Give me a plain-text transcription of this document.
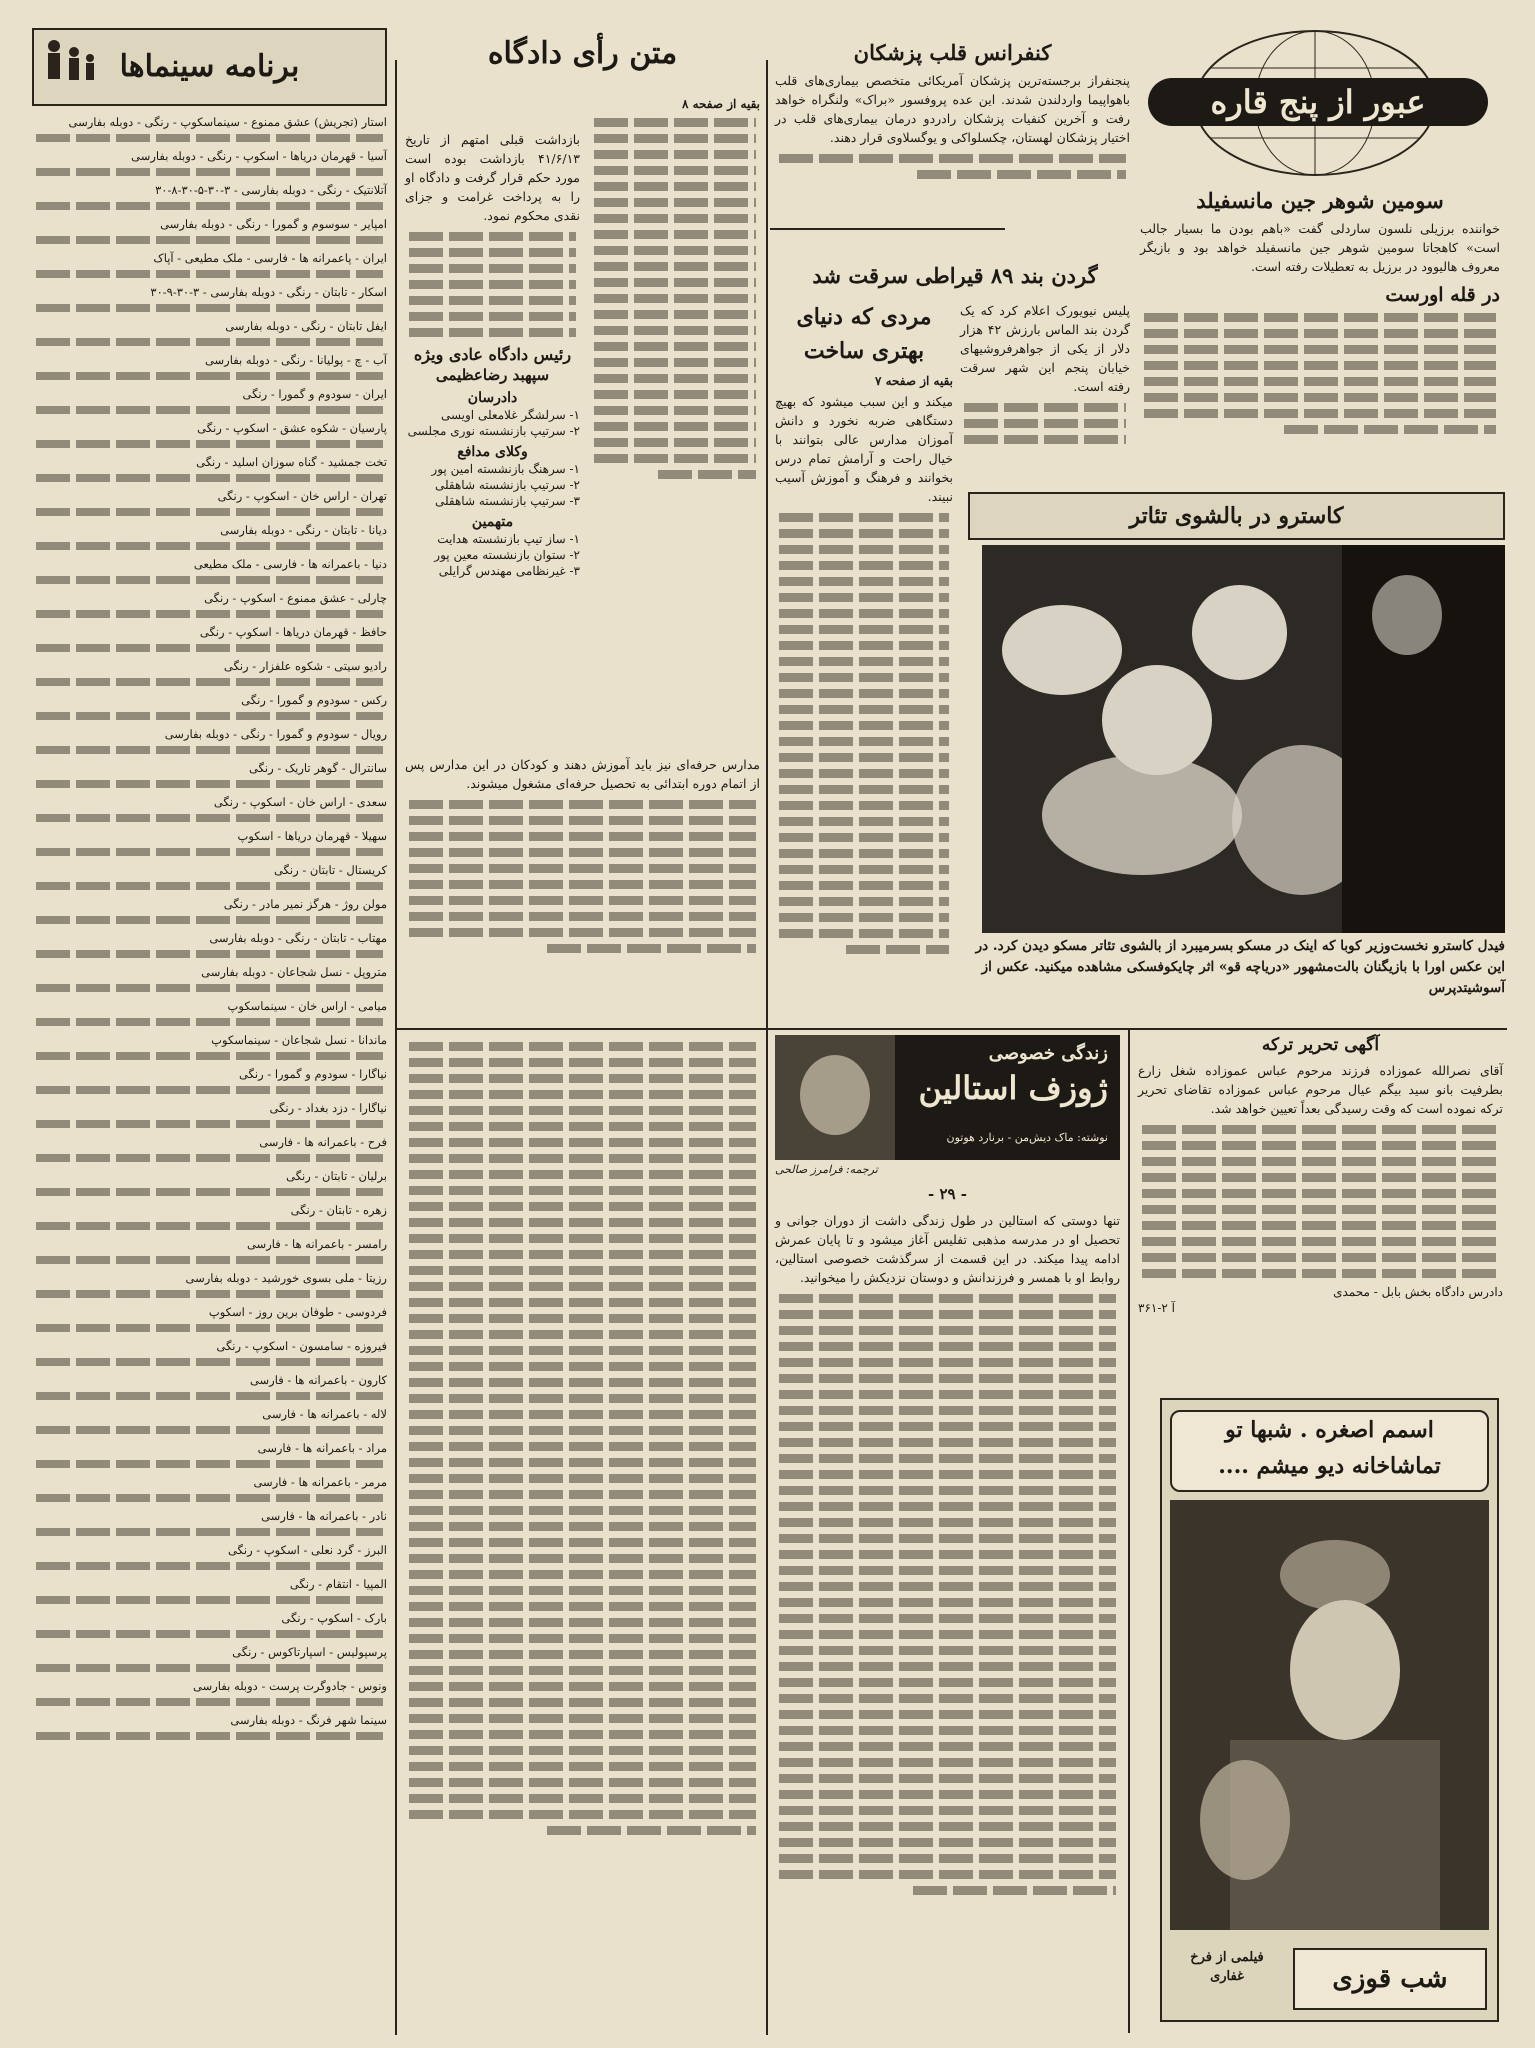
عبور از پنج قاره

سومین شوهر جین مانسفیلد

خواننده برزیلی نلسون ساردلی گفت «باهم بودن ما بسیار جالب است» کاهجاتا سومین شوهر جین مانسفیلد خواهد بود و بازیگر معروف هالیوود در برزیل به تعطیلات رفته است.

در قله اورست

کنفرانس قلب پزشکان

پنجنفراز برجسته‌ترین پزشکان آمریکائی متخصص بیماری‌های قلب باهواپیما واردلندن شدند. این عده پروفسور «براک» ولنگراه خواهد رفت و آخرین کنفیات پزشکان رادردو درمان بیماری‌های قلب در اختیار پزشکان لهستان، چکسلواکی و یوگسلاوی قرار دهند.

گردن بند ۸۹ قیراطی سرقت شد

پلیس نیویورک اعلام کرد که یک گردن بند الماس بارزش ۴۲ هزار دلار از یکی از جواهرفروشیهای خیابان پنجم این شهر سرقت رفته است.

مردی که دنیای بهتری ساخت

بقیه از صفحه ۷

میکند و این سبب میشود که بهیچ دستگاهی ضربه نخورد و دانش آموزان مدارس عالی بتوانند با خیال راحت و آرامش تمام درس بخوانند و فرهنگ و آموزش آسیب نبیند.

کاسترو در بالشوی تئاتر

فیدل کاسترو نخست‌وزیر کوبا که اینک در مسکو بسرمیبرد از بالشوی تئاتر مسکو دیدن کرد. در این عکس اورا با بازیگنان بالت‌مشهور «دریاچه قو» اثر چایکوفسکی مشاهده میکنید. عکس از آسوشیتدپرس

متن رأی دادگاه

بقیه از صفحه ۸

بازداشت قبلی امتهم از تاریخ ۴۱/۶/۱۳ بازداشت بوده است مورد حکم قرار گرفت و دادگاه او را به پرداخت غرامت و جزای نقدی محکوم نمود.

رئیس دادگاه عادی ویژه

سپهبد رضاعظیمی

دادرسان

۱- سرلشگر غلامعلی اویسی

۲- سرتیپ بازنشسته نوری مجلسی

وکلای مدافع

۱- سرهنگ بازنشسته امین پور

۲- سرتیپ بازنشسته شاهقلی

۳- سرتیپ بازنشسته شاهقلی

متهمین

۱- ساز تیپ بازنشسته هدایت

۲- ستوان بازنشسته معین پور

۳- غیرنظامی مهندس گرایلی

مدارس حرفه‌ای نیز باید آموزش دهند و کودکان در این مدارس پس از اتمام دوره ابتدائی به تحصیل حرفه‌ای مشغول میشوند.

زندگی خصوصی

ژوزف استالین

نوشته: ماک دیش‌من - برنارد هوتون

ترجمه: فرامرز صالحی

- ۲۹ -

تنها دوستی که استالین در طول زندگی داشت از دوران جوانی و تحصیل او در مدرسه مذهبی تفلیس آغاز میشود و تا پایان عمرش ادامه پیدا میکند. در این قسمت از سرگذشت خصوصی استالین، روابط او با همسر و فرزندانش و دوستان نزدیکش را میخوانید.

آگهی تحریر ترکه

آقای نصرالله عموزاده فرزند مرحوم عباس عموزاده شغل زارع بطرفیت بانو سید بیگم عیال مرحوم عباس عموزاده تقاضای تحریر ترکه نموده است که وقت رسیدگی بعداً تعیین خواهد شد.

دادرس دادگاه بخش بابل - محمدی

آ ۲-۳۶۱

اسمم اصغره . شبها تو

تماشاخانه دیو میشم ....

شب قوزی

فیلمی از فرخ غفاری

برنامه سینماها

استار (تجریش) عشق ممنوع - سینماسکوپ - رنگی - دوبله بفارسی

آسیا - قهرمان دریاها - اسکوپ - رنگی - دوبله بفارسی

آتلانتیک - رنگی - دوبله بفارسی - ۳-۳۰-۵-۳۰-۸-۳۰

امپایر - سوسوم و گمورا - رنگی - دوبله بفارسی

ایران - پاعمرانه ها - فارسی - ملک مطیعی - آپاک

اسکار - تابتان - رنگی - دوبله بفارسی - ۳-۳۰-۹-۳۰

ایفل تابتان - رنگی - دوبله بفارسی

آب - چ - پولیانا - رنگی - دوبله بفارسی

ایران - سودوم و گمورا - رنگی

پارسیان - شکوه عشق - اسکوپ - رنگی

تخت جمشید - گناه سوزان اسلید - رنگی

تهران - اراس خان - اسکوپ - رنگی

دیانا - تابتان - رنگی - دوبله بفارسی

دنیا - باعمرانه ها - فارسی - ملک مطیعی

چارلی - عشق ممنوع - اسکوپ - رنگی

حافظ - قهرمان دریاها - اسکوپ - رنگی

رادیو سیتی - شکوه علفزار - رنگی

رکس - سودوم و گمورا - رنگی

رویال - سودوم و گمورا - رنگی - دوبله بفارسی

سانترال - گوهر تاریک - رنگی

سعدی - اراس خان - اسکوپ - رنگی

سهیلا - قهرمان دریاها - اسکوپ

کریستال - تابتان - رنگی

مولن روژ - هرگز نمیر مادر - رنگی

مهتاب - تابتان - رنگی - دوبله بفارسی

متروپل - نسل شجاعان - دوبله بفارسی

میامی - اراس خان - سینماسکوپ

ماندانا - نسل شجاعان - سینماسکوپ

نیاگارا - سودوم و گمورا - رنگی

نیاگارا - دزد بغداد - رنگی

فرح - باعمرانه ها - فارسی

برلیان - تابتان - رنگی

زهره - تابتان - رنگی

رامسر - باعمرانه ها - فارسی

رزیتا - ملی بسوی خورشید - دوبله بفارسی

فردوسی - طوفان برین روز - اسکوپ

فیروزه - سامسون - اسکوپ - رنگی

کارون - باعمرانه ها - فارسی

لاله - باعمرانه ها - فارسی

مراد - باعمرانه ها - فارسی

مرمر - باعمرانه ها - فارسی

نادر - باعمرانه ها - فارسی

البرز - گرد نعلی - اسکوپ - رنگی

المپیا - انتقام - رنگی

بارک - اسکوپ - رنگی

پرسپولیس - اسپارتاکوس - رنگی

ونوس - جادوگرت پرست - دوبله بفارسی

سینما شهر فرنگ - دوبله بفارسی
